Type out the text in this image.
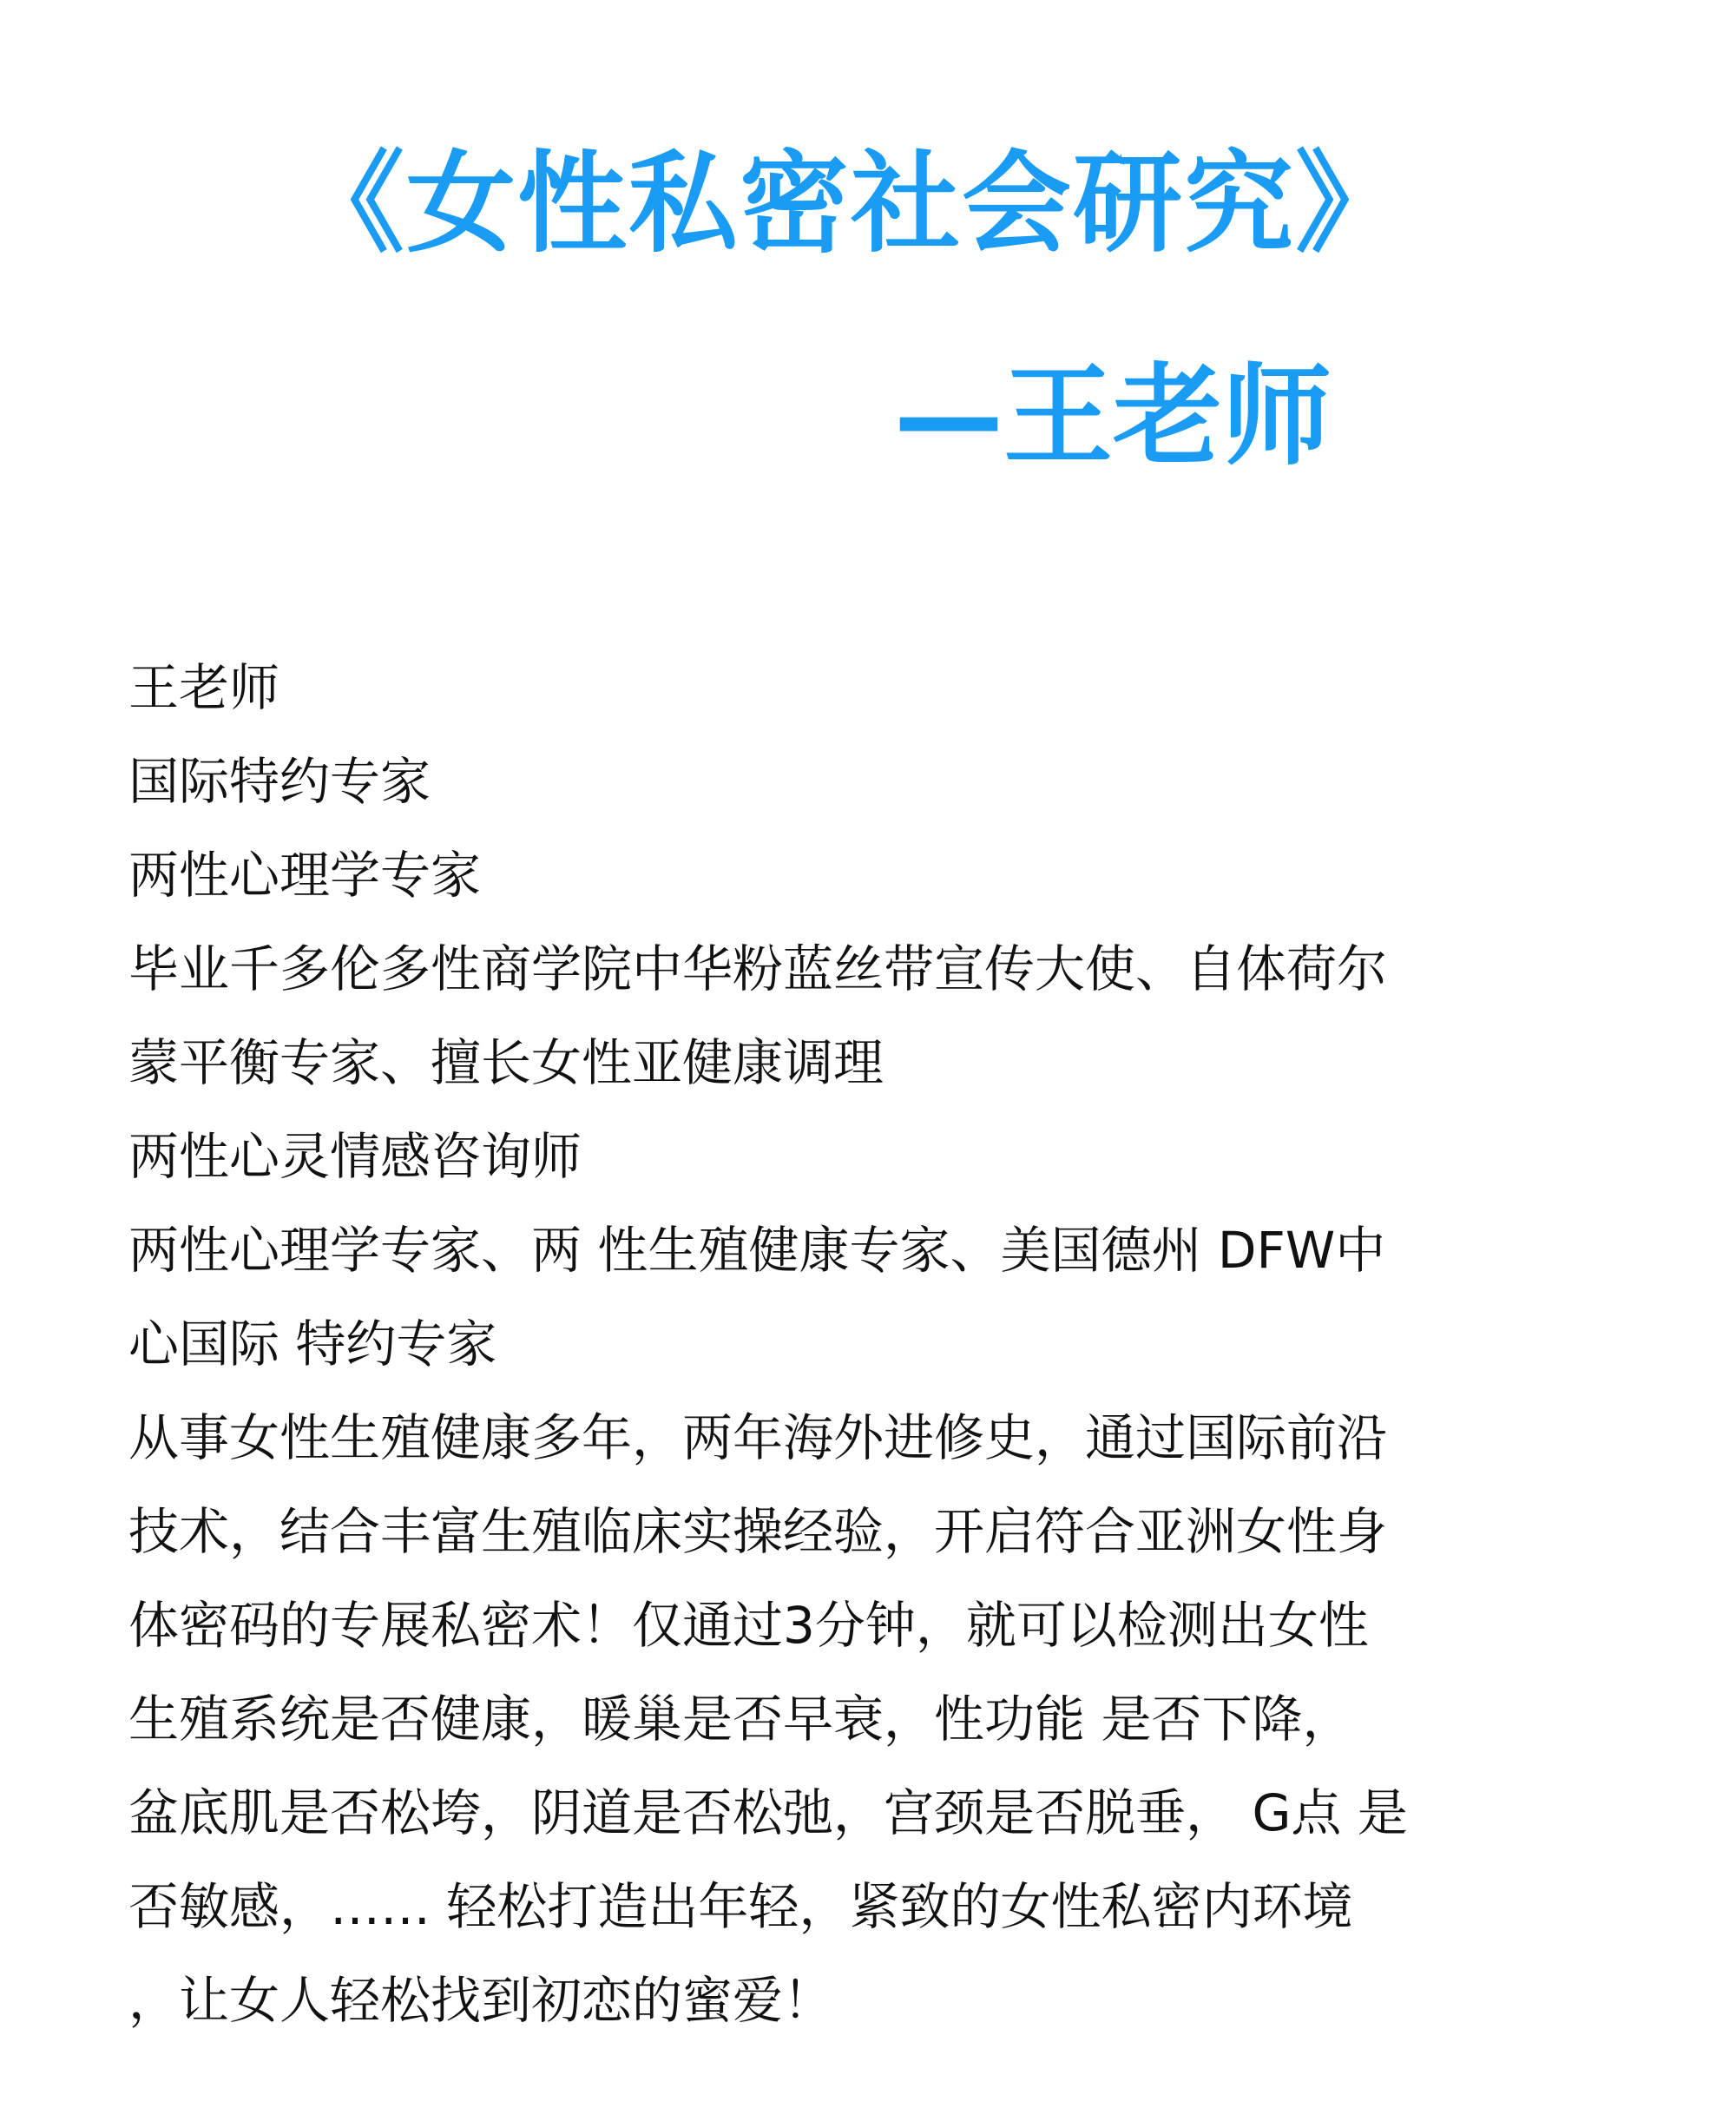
《女性私密社会研究》
—王老师

王老师

国际特约专家

两性心理学专家

毕业千多伦多性商学院中华粉蓝丝带宣传大使、自体荷尔

蒙平衡专家、擅长女性亚健康调理

两性心灵情感咨询师

两性心理学专家、两 性生殖健康专家、美国德州 DFW中

心国际 特约专家

从事女性生殖健康多年，两年海外进修史，通过国际前沿

技术，结合丰富生殖临床实操经验，开启符合亚洲女性身

体密码的专展私密术！仅通过3分钟，就可以检测出女性

生殖系统是否健康，暖巢是否早衰，性功能 是否下降，

盆底肌是否松垮，阴道是否松弛，宫颈是否脱垂， G点 是

否敏感，…… 轻松打造出年轻，紧致的女性私密内环境

，让女人轻松找到初恋的蜜爱！
